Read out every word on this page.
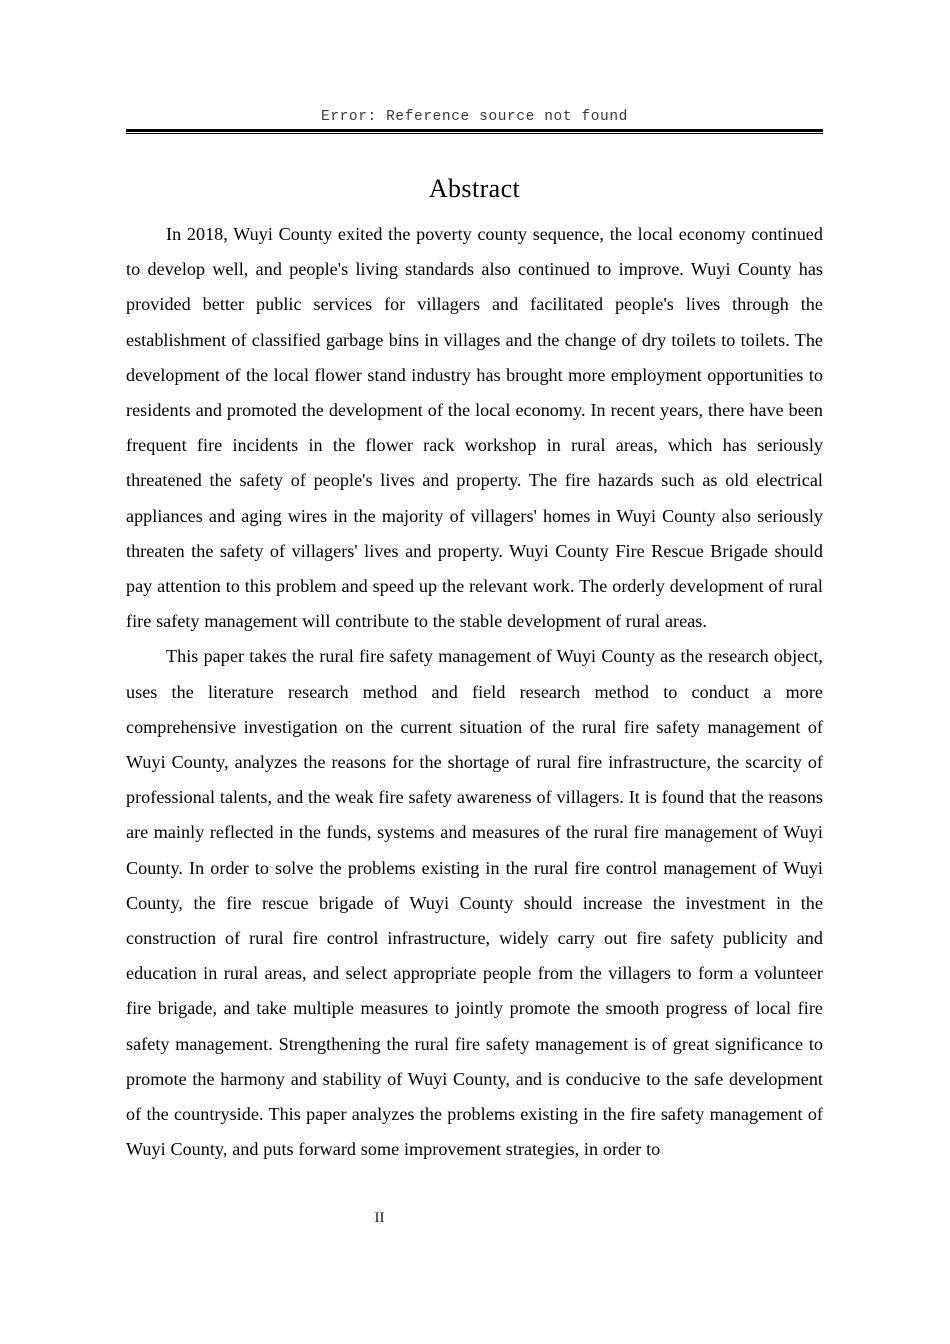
Error: Reference source not found
Abstract

In 2018, Wuyi County exited the poverty county sequence, the local economy continued to develop well, and people's living standards also continued to improve. Wuyi County has provided better public services for villagers and facilitated people's lives through the establishment of classified garbage bins in villages and the change of dry toilets to toilets. The development of the local flower stand industry has brought more employment opportunities to residents and promoted the development of the local economy. In recent years, there have been frequent fire incidents in the flower rack workshop in rural areas, which has seriously threatened the safety of people's lives and property. The fire hazards such as old electrical appliances and aging wires in the majority of villagers' homes in Wuyi County also seriously threaten the safety of villagers' lives and property. Wuyi County Fire Rescue Brigade should pay attention to this problem and speed up the relevant work. The orderly development of rural fire safety management will contribute to the stable development of rural areas.

This paper takes the rural fire safety management of Wuyi County as the research object, uses the literature research method and field research method to conduct a more comprehensive investigation on the current situation of the rural fire safety management of Wuyi County, analyzes the reasons for the shortage of rural fire infrastructure, the scarcity of professional talents, and the weak fire safety awareness of villagers. It is found that the reasons are mainly reflected in the funds, systems and measures of the rural fire management of Wuyi County. In order to solve the problems existing in the rural fire control management of Wuyi County, the fire rescue brigade of Wuyi County should increase the investment in the construction of rural fire control infrastructure, widely carry out fire safety publicity and education in rural areas, and select appropriate people from the villagers to form a volunteer fire brigade, and take multiple measures to jointly promote the smooth progress of local fire safety management. Strengthening the rural fire safety management is of great significance to promote the harmony and stability of Wuyi County, and is conducive to the safe development of the countryside. This paper analyzes the problems existing in the fire safety management of Wuyi County, and puts forward some improvement strategies, in order to

II
